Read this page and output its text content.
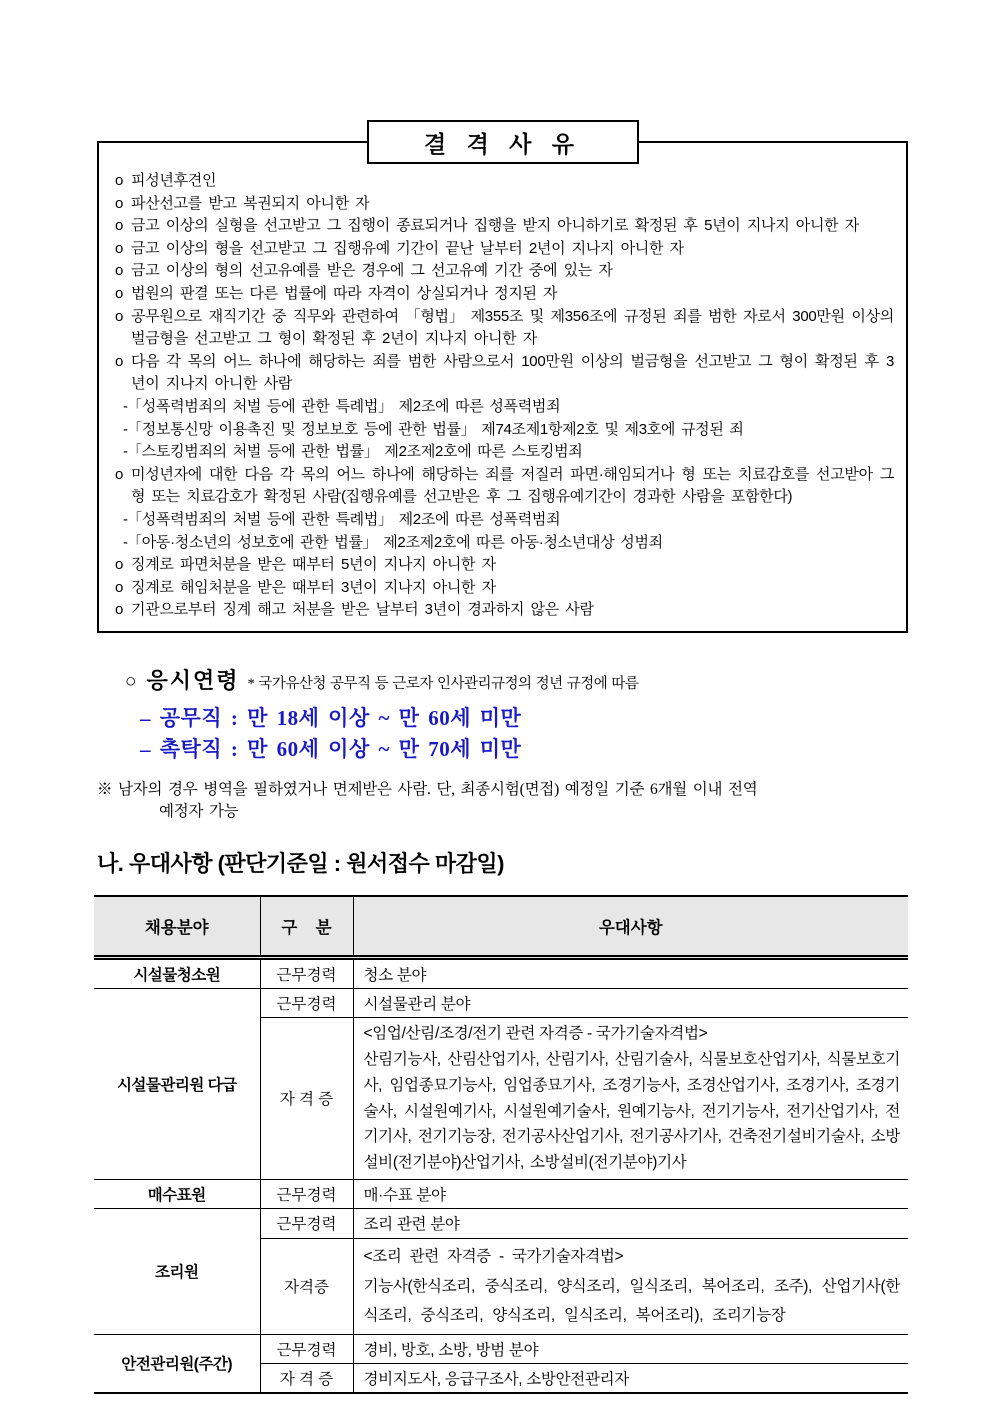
결 격 사 유
o 피성년후견인
o 파산선고를 받고 복권되지 아니한 자
o 금고 이상의 실형을 선고받고 그 집행이 종료되거나 집행을 받지 아니하기로 확정된 후 5년이 지나지 아니한 자
o 금고 이상의 형을 선고받고 그 집행유예 기간이 끝난 날부터 2년이 지나지 아니한 자
o 금고 이상의 형의 선고유예를 받은 경우에 그 선고유예 기간 중에 있는 자
o 법원의 판결 또는 다른 법률에 따라 자격이 상실되거나 정지된 자
o 공무원으로 재직기간 중 직무와 관련하여 「형법」 제355조 및 제356조에 규정된 죄를 범한 자로서 300만원 이상의 벌금형을 선고받고 그 형이 확정된 후 2년이 지나지 아니한 자
o 다음 각 목의 어느 하나에 해당하는 죄를 범한 사람으로서 100만원 이상의 벌금형을 선고받고 그 형이 확정된 후 3년이 지나지 아니한 사람
- 「성폭력범죄의 처벌 등에 관한 특례법」 제2조에 따른 성폭력범죄
- 「정보통신망 이용촉진 및 정보보호 등에 관한 법률」 제74조제1항제2호 및 제3호에 규정된 죄
- 「스토킹범죄의 처벌 등에 관한 법률」 제2조제2호에 따른 스토킹범죄
o 미성년자에 대한 다음 각 목의 어느 하나에 해당하는 죄를 저질러 파면·해임되거나 형 또는 치료감호를 선고받아 그 형 또는 치료감호가 확정된 사람(집행유예를 선고받은 후 그 집행유예기간이 경과한 사람을 포함한다)
- 「성폭력범죄의 처벌 등에 관한 특례법」 제2조에 따른 성폭력범죄
- 「아동·청소년의 성보호에 관한 법률」 제2조제2호에 따른 아동·청소년대상 성범죄
o 징계로 파면처분을 받은 때부터 5년이 지나지 아니한 자
o 징계로 해임처분을 받은 때부터 3년이 지나지 아니한 자
o 기관으로부터 징계 해고 처분을 받은 날부터 3년이 경과하지 않은 사람
○ 응시연령 * 국가유산청 공무직 등 근로자 인사관리규정의 정년 규정에 따름
– 공무직 : 만 18세 이상 ~ 만 60세 미만
– 촉탁직 : 만 60세 이상 ~ 만 70세 미만
※ 남자의 경우 병역을 필하였거나 면제받은 사람. 단, 최종시험(면접) 예정일 기준 6개월 이내 전역
예정자 가능
나. 우대사항 (판단기준일 : 원서접수 마감일)
채용분야	구    분	우대사항
시설물청소원	근무경력	청소 분야
시설물관리원 다급	근무경력	시설물관리 분야
	자 격 증	<임업/산림/조경/전기 관련 자격증 - 국가기술자격법>
산림기능사, 산림산업기사, 산림기사, 산림기술사, 식물보호산업기사, 식물보호기사, 임업종묘기능사, 임업종묘기사, 조경기능사, 조경산업기사, 조경기사, 조경기술사, 시설원예기사, 시설원예기술사, 원예기능사, 전기기능사, 전기산업기사, 전기기사, 전기기능장, 전기공사산업기사, 전기공사기사, 건축전기설비기술사, 소방설비(전기분야)산업기사, 소방설비(전기분야)기사

매수표원	근무경력	매·수표 분야
조리원	근무경력	조리 관련 분야
	자격증	<조리 관련 자격증 - 국가기술자격법>
기능사(한식조리, 중식조리, 양식조리, 일식조리, 복어조리, 조주), 산업기사(한식조리, 중식조리, 양식조리, 일식조리, 복어조리), 조리기능장

안전관리원(주간)	근무경력	경비, 방호, 소방, 방범 분야
	자 격 증	경비지도사, 응급구조사, 소방안전관리자
